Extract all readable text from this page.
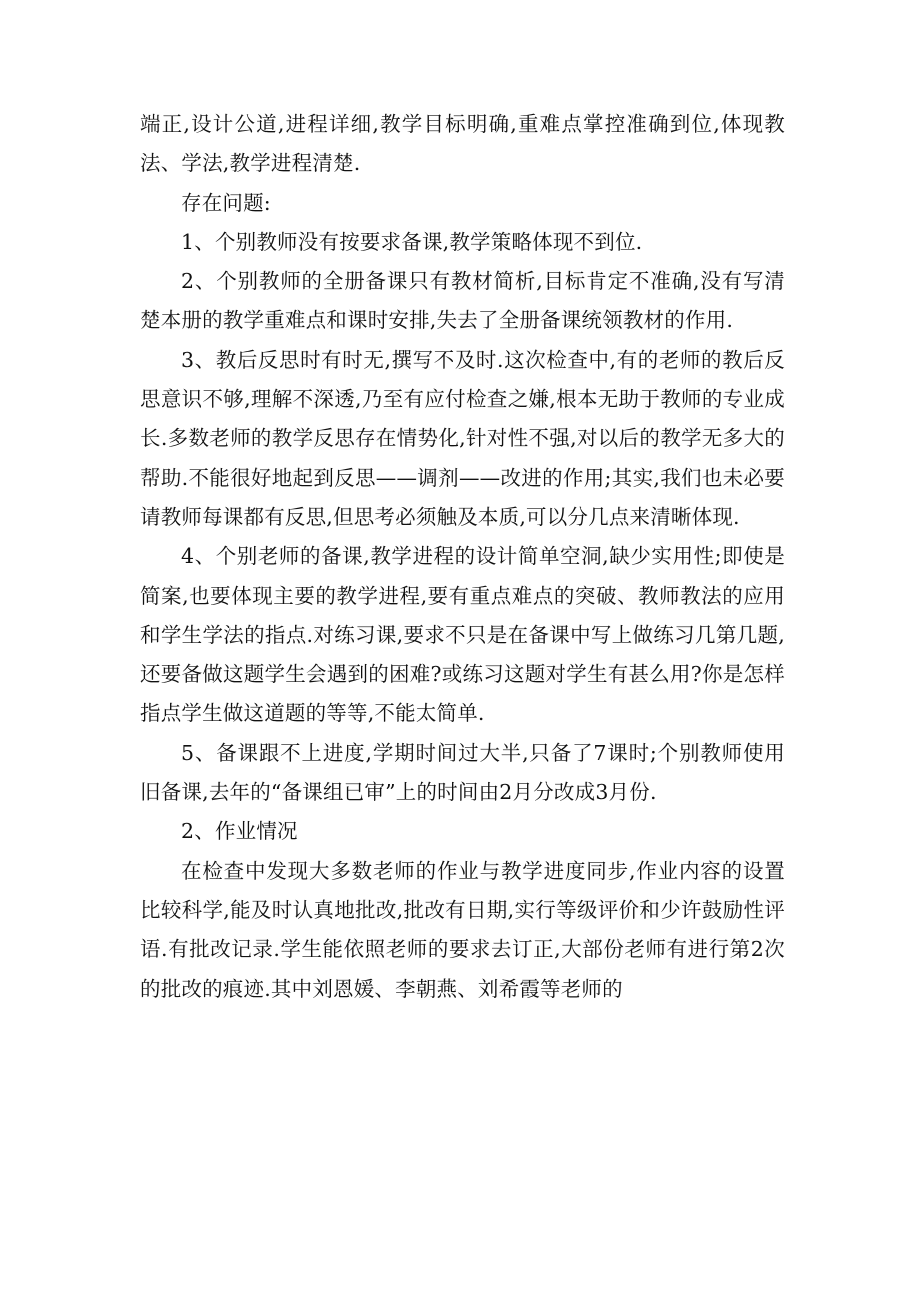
端正,设计公道,进程详细,教学目标明确,重难点掌控准确到位,体现教法、学法,教学进程清楚.

存在问题:

1、个别教师没有按要求备课,教学策略体现不到位.

2、个别教师的全册备课只有教材简析,目标肯定不准确,没有写清楚本册的教学重难点和课时安排,失去了全册备课统领教材的作用.

3、教后反思时有时无,撰写不及时.这次检查中,有的老师的教后反思意识不够,理解不深透,乃至有应付检查之嫌,根本无助于教师的专业成长.多数老师的教学反思存在情势化,针对性不强,对以后的教学无多大的帮助.不能很好地起到反思——调剂——改进的作用;其实,我们也未必要请教师每课都有反思,但思考必须触及本质,可以分几点来清晰体现.

4、个别老师的备课,教学进程的设计简单空洞,缺少实用性;即使是简案,也要体现主要的教学进程,要有重点难点的突破、教师教法的应用和学生学法的指点.对练习课,要求不只是在备课中写上做练习几第几题,还要备做这题学生会遇到的困难?或练习这题对学生有甚么用?你是怎样指点学生做这道题的等等,不能太简单.

5、备课跟不上进度,学期时间过大半,只备了7课时;个别教师使用旧备课,去年的“备课组已审”上的时间由2月分改成3月份.

2、作业情况

在检查中发现大多数老师的作业与教学进度同步,作业内容的设置比较科学,能及时认真地批改,批改有日期,实行等级评价和少许鼓励性评语.有批改记录.学生能依照老师的要求去订正,大部份老师有进行第2次的批改的痕迹.其中刘恩媛、李朝燕、刘希霞等老师的
